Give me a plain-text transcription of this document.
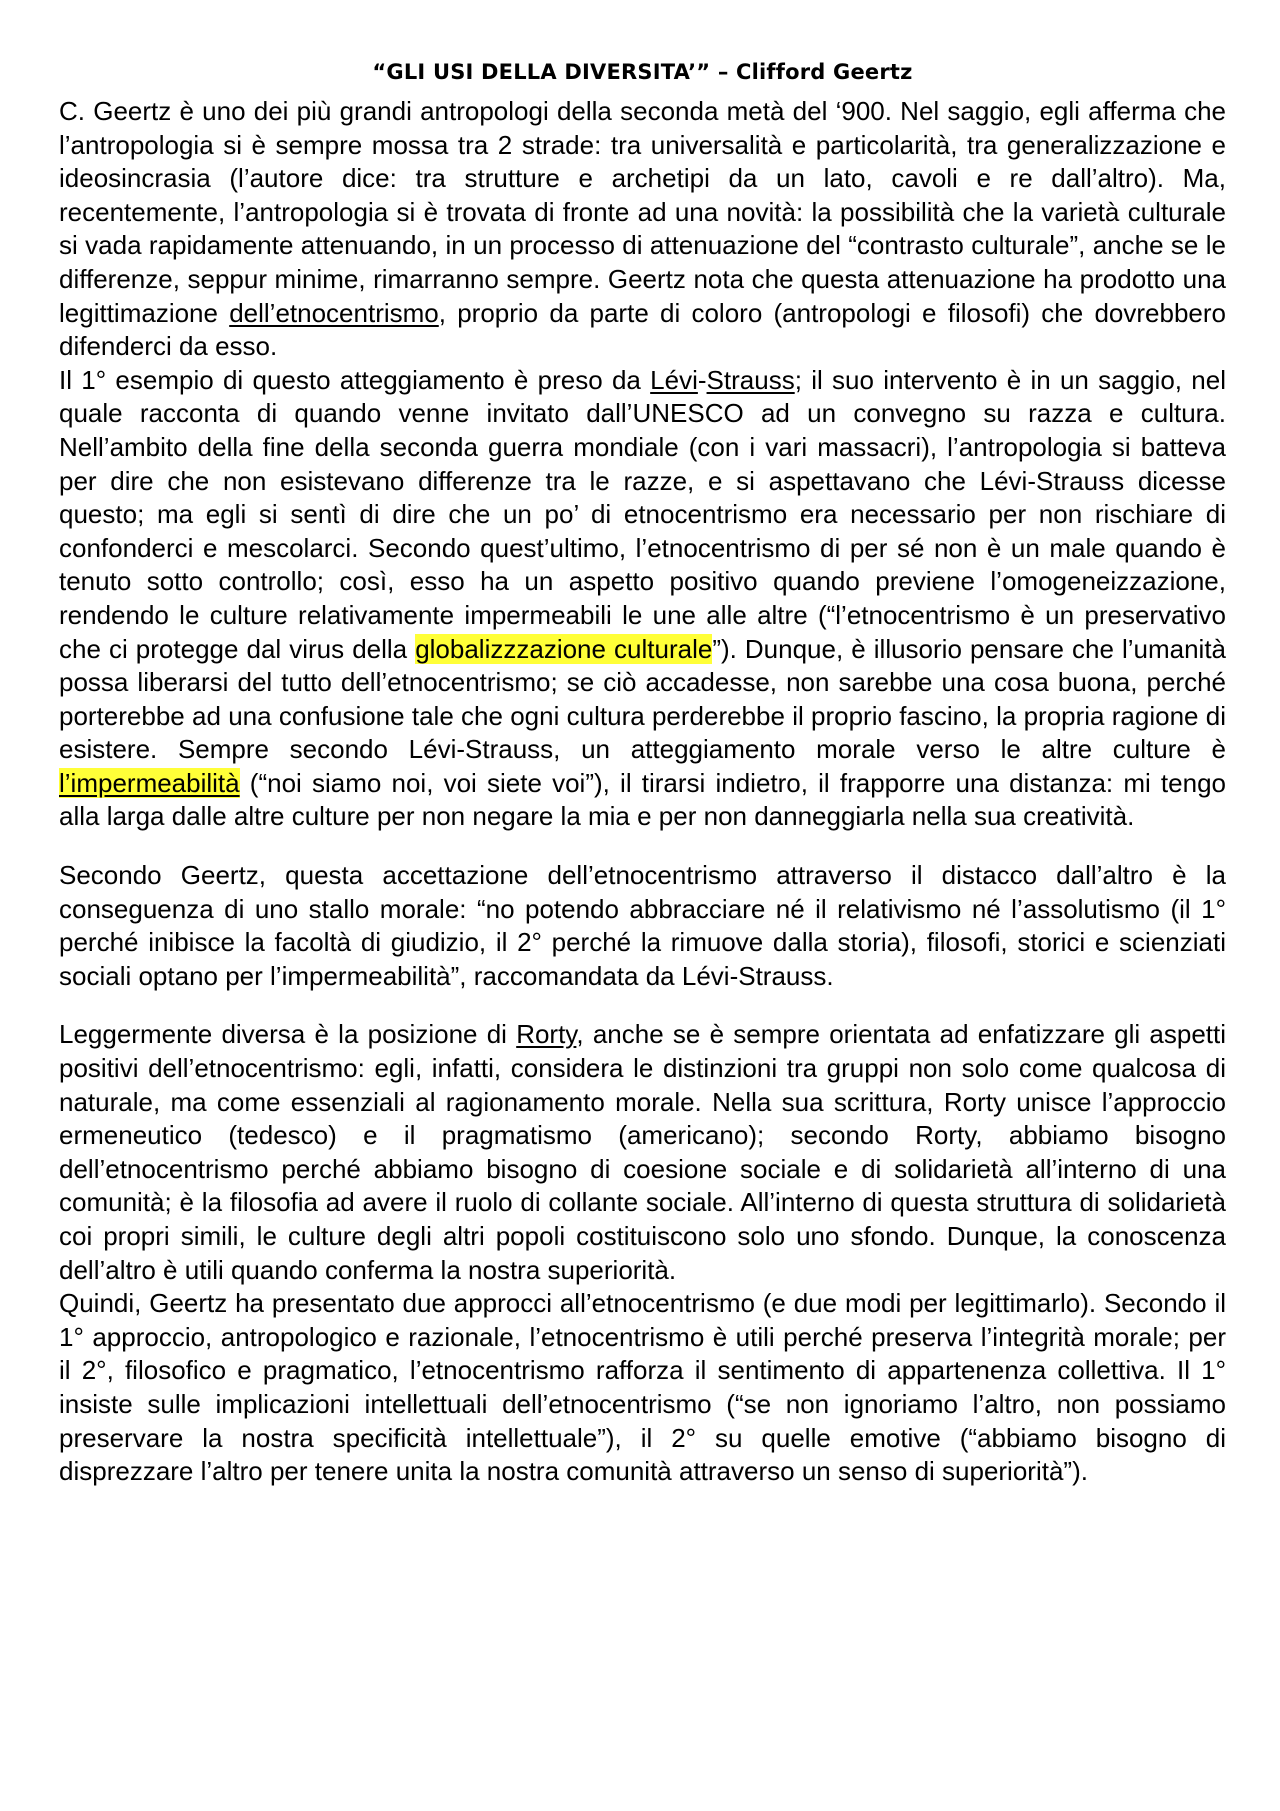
“GLI USI DELLA DIVERSITA’” – Clifford Geertz

C. Geertz è uno dei più grandi antropologi della seconda metà del ‘900. Nel saggio, egli afferma che l’antropologia si è sempre mossa tra 2 strade: tra universalità e particolarità, tra generalizzazione e ideosincrasia (l’autore dice: tra strutture e archetipi da un lato, cavoli e re dall’altro). Ma, recentemente, l’antropologia si è trovata di fronte ad una novità: la possibilità che la varietà culturale si vada rapidamente attenuando, in un processo di attenuazione del “contrasto culturale”, anche se le differenze, seppur minime, rimarranno sempre. Geertz nota che questa attenuazione ha prodotto una legittimazione dell’etnocentrismo, proprio da parte di coloro (antropologi e filosofi) che dovrebbero difenderci da esso.

Il 1° esempio di questo atteggiamento è preso da Lévi-Strauss; il suo intervento è in un saggio, nel quale racconta di quando venne invitato dall’UNESCO ad un convegno su razza e cultura. Nell’ambito della fine della seconda guerra mondiale (con i vari massacri), l’antropologia si batteva per dire che non esistevano differenze tra le razze, e si aspettavano che Lévi-Strauss dicesse questo; ma egli si sentì di dire che un po’ di etnocentrismo era necessario per non rischiare di confonderci e mescolarci. Secondo quest’ultimo, l’etnocentrismo di per sé non è un male quando è tenuto sotto controllo; così, esso ha un aspetto positivo quando previene l’omogeneizzazione, rendendo le culture relativamente impermeabili le une alle altre (“l’etnocentrismo è un preservativo che ci protegge dal virus della globalizzzazione culturale”). Dunque, è illusorio pensare che l’umanità possa liberarsi del tutto dell’etnocentrismo; se ciò accadesse, non sarebbe una cosa buona, perché porterebbe ad una confusione tale che ogni cultura perderebbe il proprio fascino, la propria ragione di esistere. Sempre secondo Lévi-Strauss, un atteggiamento morale verso le altre culture è l’impermeabilità (“noi siamo noi, voi siete voi”), il tirarsi indietro, il frapporre una distanza: mi tengo alla larga dalle altre culture per non negare la mia e per non danneggiarla nella sua creatività.

Secondo Geertz, questa accettazione dell’etnocentrismo attraverso il distacco dall’altro è la conseguenza di uno stallo morale: “no potendo abbracciare né il relativismo né l’assolutismo (il 1° perché inibisce la facoltà di giudizio, il 2° perché la rimuove dalla storia), filosofi, storici e scienziati sociali optano per l’impermeabilità”, raccomandata da Lévi-Strauss.

Leggermente diversa è la posizione di Rorty, anche se è sempre orientata ad enfatizzare gli aspetti positivi dell’etnocentrismo: egli, infatti, considera le distinzioni tra gruppi non solo come qualcosa di naturale, ma come essenziali al ragionamento morale. Nella sua scrittura, Rorty unisce l’approccio ermeneutico (tedesco) e il pragmatismo (americano); secondo Rorty, abbiamo bisogno dell’etnocentrismo perché abbiamo bisogno di coesione sociale e di solidarietà all’interno di una comunità; è la filosofia ad avere il ruolo di collante sociale. All’interno di questa struttura di solidarietà coi propri simili, le culture degli altri popoli costituiscono solo uno sfondo. Dunque, la conoscenza dell’altro è utili quando conferma la nostra superiorità.

Quindi, Geertz ha presentato due approcci all’etnocentrismo (e due modi per legittimarlo). Secondo il 1° approccio, antropologico e razionale, l’etnocentrismo è utili perché preserva l’integrità morale; per il 2°, filosofico e pragmatico, l’etnocentrismo rafforza il sentimento di appartenenza collettiva. Il 1° insiste sulle implicazioni intellettuali dell’etnocentrismo (“se non ignoriamo l’altro, non possiamo preservare la nostra specificità intellettuale”), il 2° su quelle emotive (“abbiamo bisogno di disprezzare l’altro per tenere unita la nostra comunità attraverso un senso di superiorità”).
